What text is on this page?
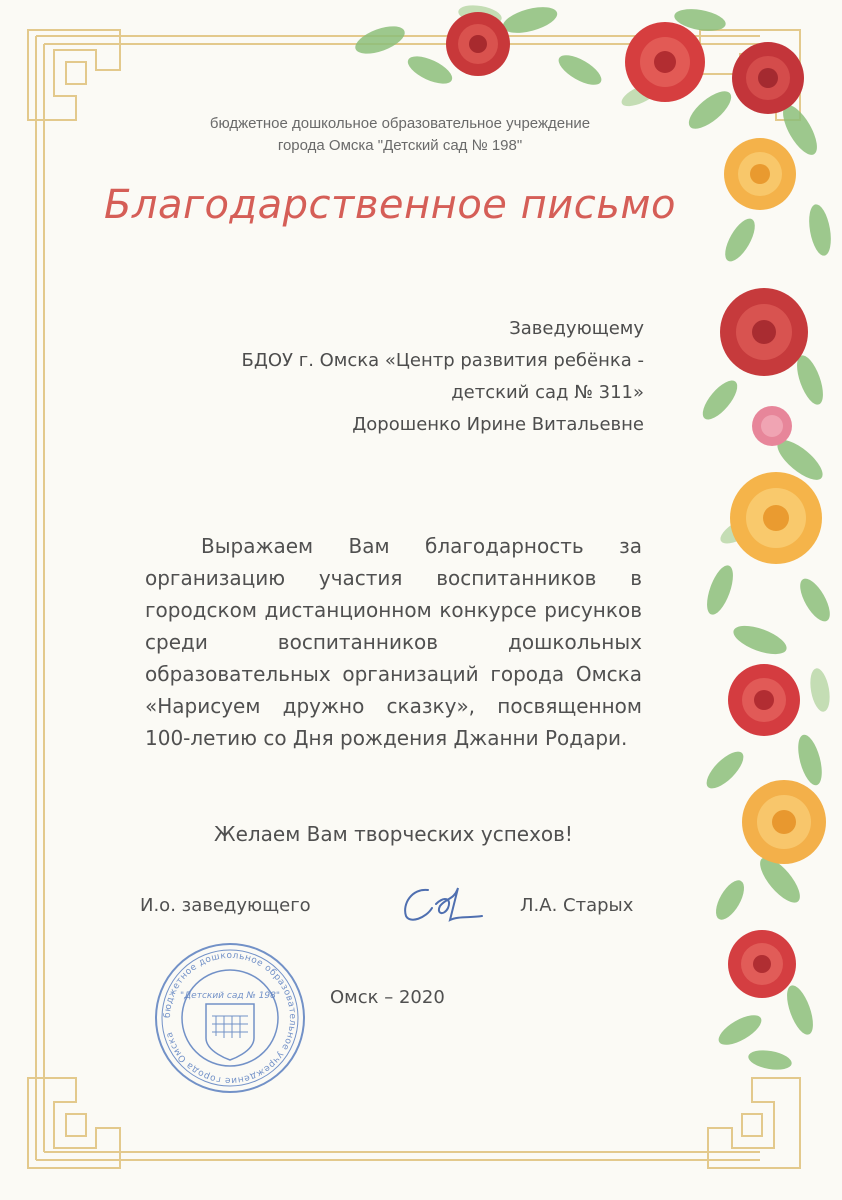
бюджетное дошкольное образовательное учреждение
города Омска "Детский сад № 198"
Благодарственное письмо
Заведующему
БДОУ г. Омска «Центр развития ребёнка -
детский сад № 311»
Дорошенко Ирине Витальевне

Выражаем Вам благодарность за организацию участия воспитанников в городском дистанционном конкурсе рисунков среди воспитанников дошкольных образовательных организаций города Омска «Нарисуем дружно сказку», посвященном 100-летию со Дня рождения Джанни Родари.

Желаем Вам творческих успехов!
И.о. заведующего	Л.А. Старых
Омск – 2020
бюджетное дошкольное образовательное учреждение города Омска
"Детский сад № 198"
